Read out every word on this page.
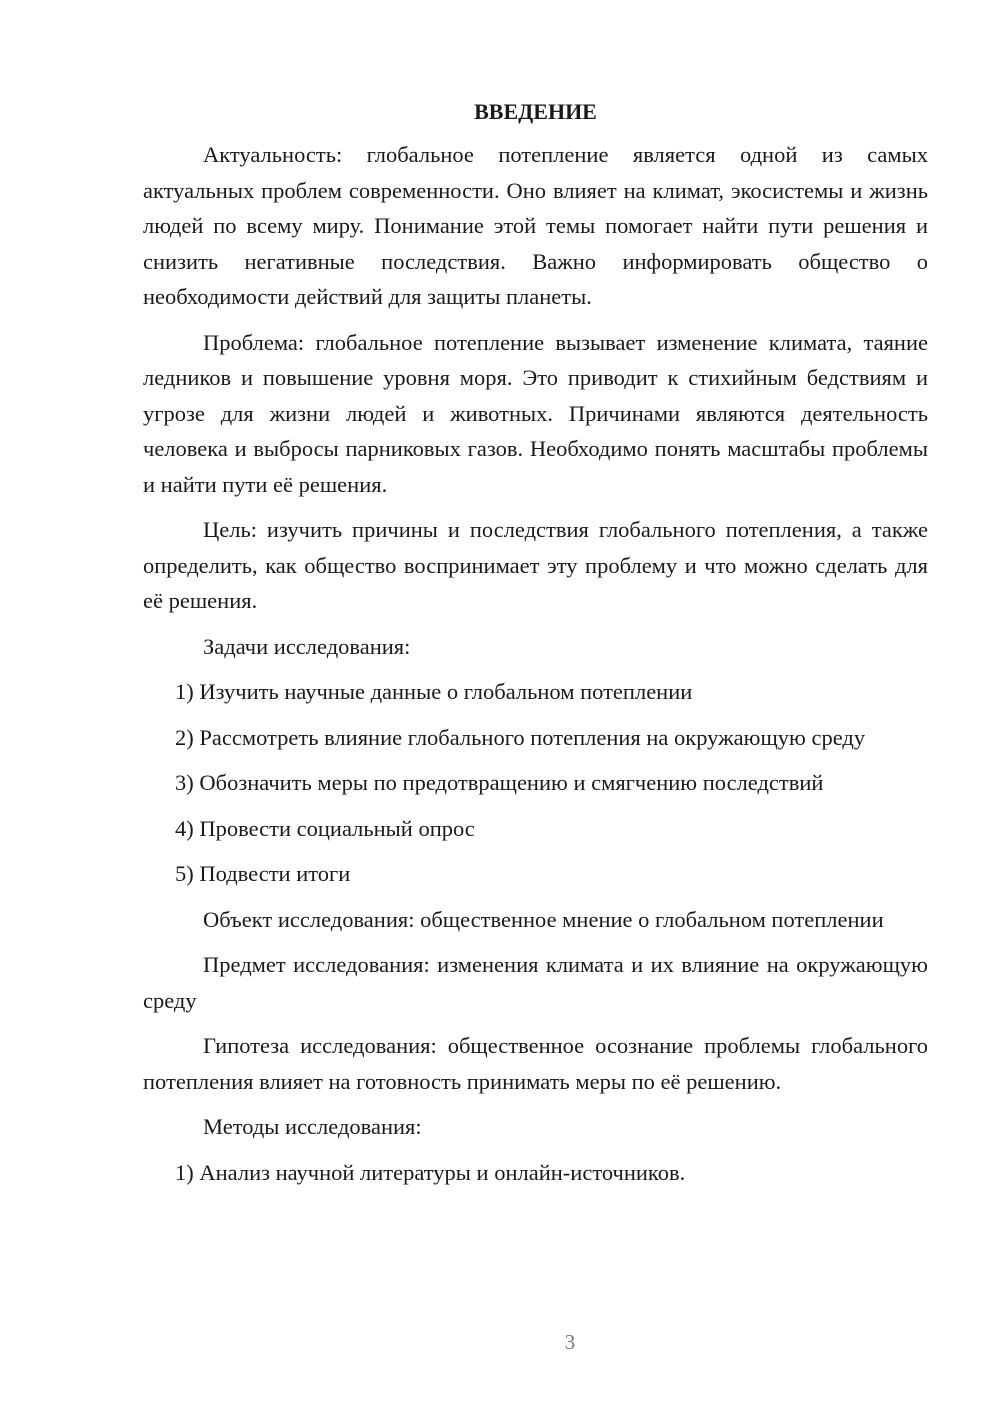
ВВЕДЕНИЕ

Актуальность: глобальное потепление является одной из самых актуальных проблем современности. Оно влияет на климат, экосистемы и жизнь людей по всему миру. Понимание этой темы помогает найти пути решения и снизить негативные последствия. Важно информировать общество о необходимости действий для защиты планеты.

Проблема: глобальное потепление вызывает изменение климата, таяние ледников и повышение уровня моря. Это приводит к стихийным бедствиям и угрозе для жизни людей и животных. Причинами являются деятельность человека и выбросы парниковых газов. Необходимо понять масштабы проблемы и найти пути её решения.

Цель: изучить причины и последствия глобального потепления, а также определить, как общество воспринимает эту проблему и что можно сделать для её решения.

Задачи исследования:

1) Изучить научные данные о глобальном потеплении

2) Рассмотреть влияние глобального потепления на окружающую среду

3) Обозначить меры по предотвращению и смягчению последствий

4) Провести социальный опрос

5) Подвести итоги

Объект исследования: общественное мнение о глобальном потеплении

Предмет исследования: изменения климата и их влияние на окружающую среду

Гипотеза исследования: общественное осознание проблемы глобального потепления влияет на готовность принимать меры по её решению.

Методы исследования:

1) Анализ научной литературы и онлайн-источников.

3
